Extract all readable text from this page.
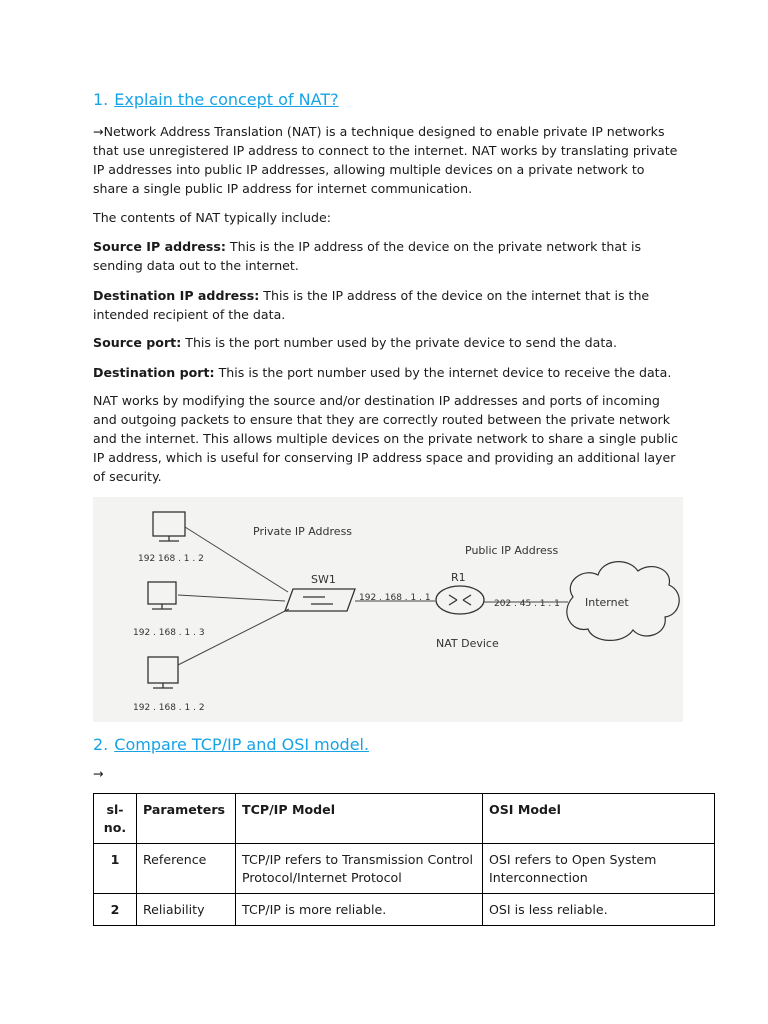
1. Explain the concept of NAT?

→Network Address Translation (NAT) is a technique designed to enable private IP networks that use unregistered IP address to connect to the internet. NAT works by translating private IP addresses into public IP addresses, allowing multiple devices on a private network to share a single public IP address for internet communication.

The contents of NAT typically include:

Source IP address: This is the IP address of the device on the private network that is sending data out to the internet.

Destination IP address: This is the IP address of the device on the internet that is the intended recipient of the data.

Source port: This is the port number used by the private device to send the data.

Destination port: This is the port number used by the internet device to receive the data.

NAT works by modifying the source and/or destination IP addresses and ports of incoming and outgoing packets to ensure that they are correctly routed between the private network and the internet. This allows multiple devices on the private network to share a single public IP address, which is useful for conserving IP address space and providing an additional layer of security.

192 168 . 1 . 2
192 . 168 . 1 . 3
192 . 168 . 1 . 2
Private IP Address
Public IP Address
SW1
192 . 168 . 1 . 1
R1
NAT Device
202 . 45 . 1 . 1 Internet
2. Compare TCP/IP and OSI model.

→

sl-no.	Parameters	TCP/IP Model	OSI Model
1	Reference	TCP/IP refers to Transmission Control Protocol/Internet Protocol	OSI refers to Open System Interconnection
2	Reliability	TCP/IP is more reliable.	OSI is less reliable.
